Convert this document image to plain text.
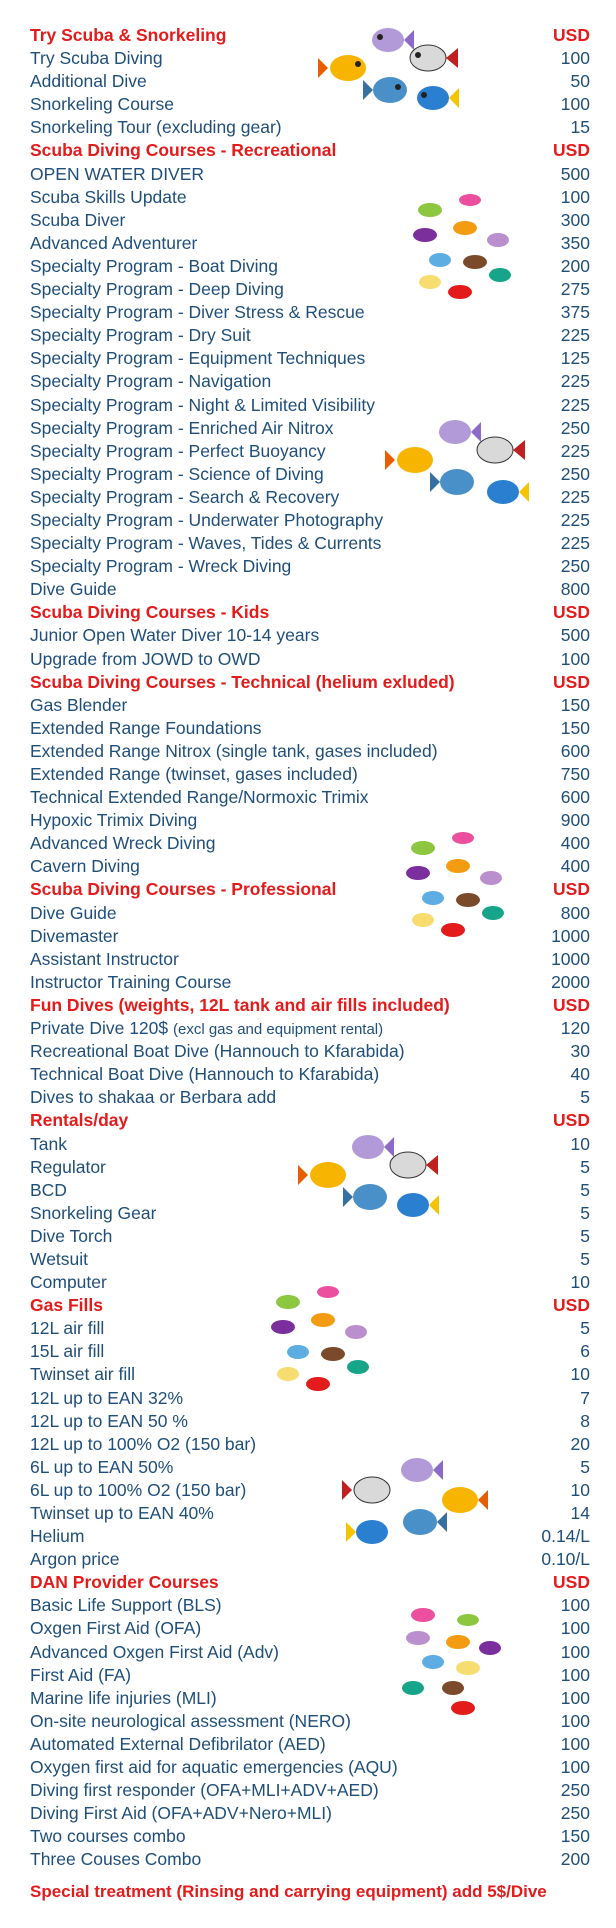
Try Scuba & Snorkeling	USD
Try Scuba Diving	100
Additional Dive	50
Snorkeling Course	100
Snorkeling Tour (excluding gear)	15
Scuba Diving Courses - Recreational	USD
OPEN WATER DIVER	500
Scuba Skills Update	100
Scuba Diver	300
Advanced Adventurer	350
Specialty Program - Boat Diving	200
Specialty Program - Deep Diving	275
Specialty Program - Diver Stress & Rescue	375
Specialty Program - Dry Suit	225
Specialty Program - Equipment Techniques	125
Specialty Program - Navigation	225
Specialty Program - Night & Limited Visibility	225
Specialty Program - Enriched Air Nitrox	250
Specialty Program - Perfect Buoyancy	225
Specialty Program - Science of Diving	250
Specialty Program - Search & Recovery	225
Specialty Program - Underwater Photography	225
Specialty Program - Waves, Tides & Currents	225
Specialty Program - Wreck Diving	250
Dive Guide	800
Scuba Diving Courses - Kids	USD
Junior Open Water Diver 10-14 years	500
Upgrade from JOWD to OWD	100
Scuba Diving Courses - Technical (helium exluded)	USD
Gas Blender	150
Extended Range Foundations	150
Extended Range Nitrox (single tank, gases included)	600
Extended Range (twinset, gases included)	750
Technical Extended Range/Normoxic Trimix	600
Hypoxic Trimix Diving	900
Advanced Wreck Diving	400
Cavern Diving	400
Scuba Diving Courses - Professional	USD
Dive Guide	800
Divemaster	1000
Assistant Instructor	1000
Instructor Training Course	2000
Fun Dives (weights, 12L tank and air fills included)	USD
Private Dive 120$ (excl gas and equipment rental)	120
Recreational Boat Dive (Hannouch to Kfarabida)	30
Technical Boat Dive (Hannouch to Kfarabida)	40
Dives to shakaa or Berbara add	5
Rentals/day	USD
Tank	10
Regulator	5
BCD	5
Snorkeling Gear	5
Dive Torch	5
Wetsuit	5
Computer	10
Gas Fills	USD
12L air fill	5
15L air fill	6
Twinset air fill	10
12L up to EAN 32%	7
12L up to EAN 50 %	8
12L up to 100% O2 (150 bar)	20
6L up to EAN 50%	5
6L up to 100% O2 (150 bar)	10
Twinset up to EAN 40%	14
Helium	0.14/L
Argon price	0.10/L
DAN Provider Courses	USD
Basic Life Support (BLS)	100
Oxgen First Aid (OFA)	100
Advanced Oxgen First Aid (Adv)	100
First Aid (FA)	100
Marine life injuries (MLI)	100
On-site neurological assessment (NERO)	100
Automated External Defibrilator (AED)	100
Oxygen first aid for aquatic emergencies (AQU)	100
Diving first responder (OFA+MLI+ADV+AED)	250
Diving First Aid (OFA+ADV+Nero+MLI)	250
Two courses combo	150
Three Couses Combo	200
Special treatment (Rinsing and carrying equipment) add 5$/Dive
